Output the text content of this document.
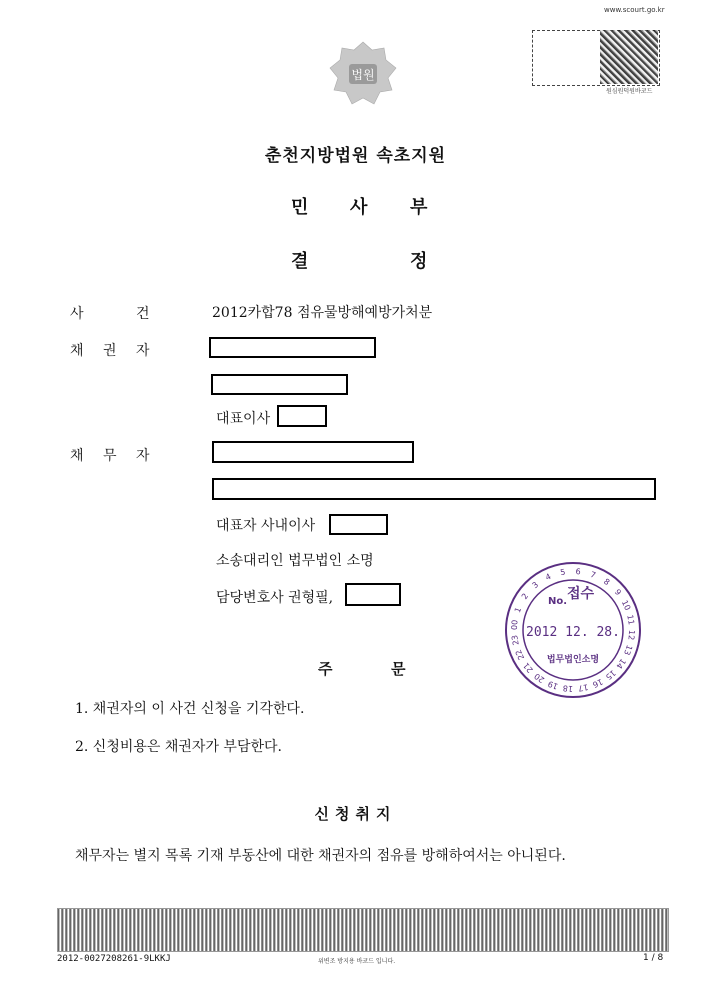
www.scourt.go.kr
원심원덕원바코드
법원
춘천지방법원 속초지원
민 사 부
결	정
사	건	2012카합78 점유물방해예방가처분
채 권 자
대표이사
채 무 자
대표자 사내이사
소송대리인 법무법인 소명
담당변호사 권형필,
1
2
3
4 5 6 7
8
9
10
11
12
13
14
15
16
17
18
19
20
21
22
23
00
No. 접수
2012 12. 28.
법무법인소명
주	문
1. 채권자의 이 사건 신청을 기각한다.
2. 신청비용은 채권자가 부담한다.
신청취지
채무자는 별지 목록 기재 부동산에 대한 채권자의 점유를 방해하여서는 아니된다.
2012-0027208261-9LKKJ	위변조 방지용 바코드 입니다.	1 / 8
